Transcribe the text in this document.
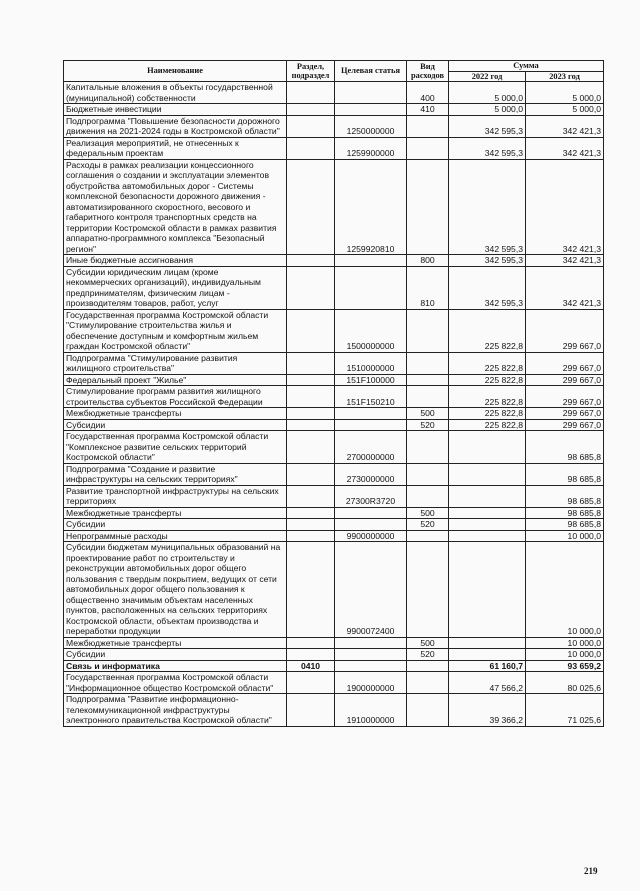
Наименование	Раздел, подраздел	Целевая статья	Вид расходов	Сумма	
				2022 год	2023 год
Капитальные вложения в объекты государственной (муниципальной) собственности			400	5 000,0	5 000,0
Бюджетные инвестиции			410	5 000,0	5 000,0
Подпрограмма "Повышение безопасности дорожного движения на 2021-2024 годы в Костромской области"		1250000000		342 595,3	342 421,3
Реализация мероприятий, не отнесенных к федеральным проектам		1259900000		342 595,3	342 421,3
Расходы в рамках реализации концессионного соглашения о создании и эксплуатации элементов обустройства автомобильных дорог - Системы комплексной безопасности дорожного движения - автоматизированного скоростного, весового и габаритного контроля транспортных средств на территории Костромской области в рамках развития аппаратно-программного комплекса "Безопасный регион"		1259920810		342 595,3	342 421,3
Иные бюджетные ассигнования			800	342 595,3	342 421,3
Субсидии юридическим лицам (кроме некоммерческих организаций), индивидуальным предпринимателям, физическим лицам - производителям товаров, работ, услуг			810	342 595,3	342 421,3
Государственная программа Костромской области "Стимулирование строительства жилья и обеспечение доступным и комфортным жильем граждан Костромской области"		1500000000		225 822,8	299 667,0
Подпрограмма "Стимулирование развития жилищного строительства"		1510000000		225 822,8	299 667,0
Федеральный проект "Жилье"		151F100000		225 822,8	299 667,0
Стимулирование программ развития жилищного строительства субъектов Российской Федерации		151F150210		225 822,8	299 667,0
Межбюджетные трансферты			500	225 822,8	299 667,0
Субсидии			520	225 822,8	299 667,0
Государственная программа Костромской области "Комплексное развитие сельских территорий Костромской области"		2700000000			98 685,8
Подпрограмма "Создание и развитие инфраструктуры на сельских территориях"		2730000000			98 685,8
Развитие транспортной инфраструктуры на сельских территориях		27300R3720			98 685,8
Межбюджетные трансферты			500		98 685,8
Субсидии			520		98 685,8
Непрограммные расходы		9900000000			10 000,0
Субсидии бюджетам муниципальных образований на проектирование работ по строительству и реконструкции автомобильных дорог общего пользования с твердым покрытием, ведущих от сети автомобильных дорог общего пользования к общественно значимым объектам населенных пунктов, расположенных на сельских территориях Костромской области, объектам производства и переработки продукции		9900072400			10 000,0
Межбюджетные трансферты			500		10 000,0
Субсидии			520		10 000,0
Связь и информатика	0410			61 160,7	93 659,2
Государственная программа Костромской области "Информационное общество Костромской области"		1900000000		47 566,2	80 025,6
Подпрограмма "Развитие информационно-телекоммуникационной инфраструктуры электронного правительства Костромской области"		1910000000		39 366,2	71 025,6
219
